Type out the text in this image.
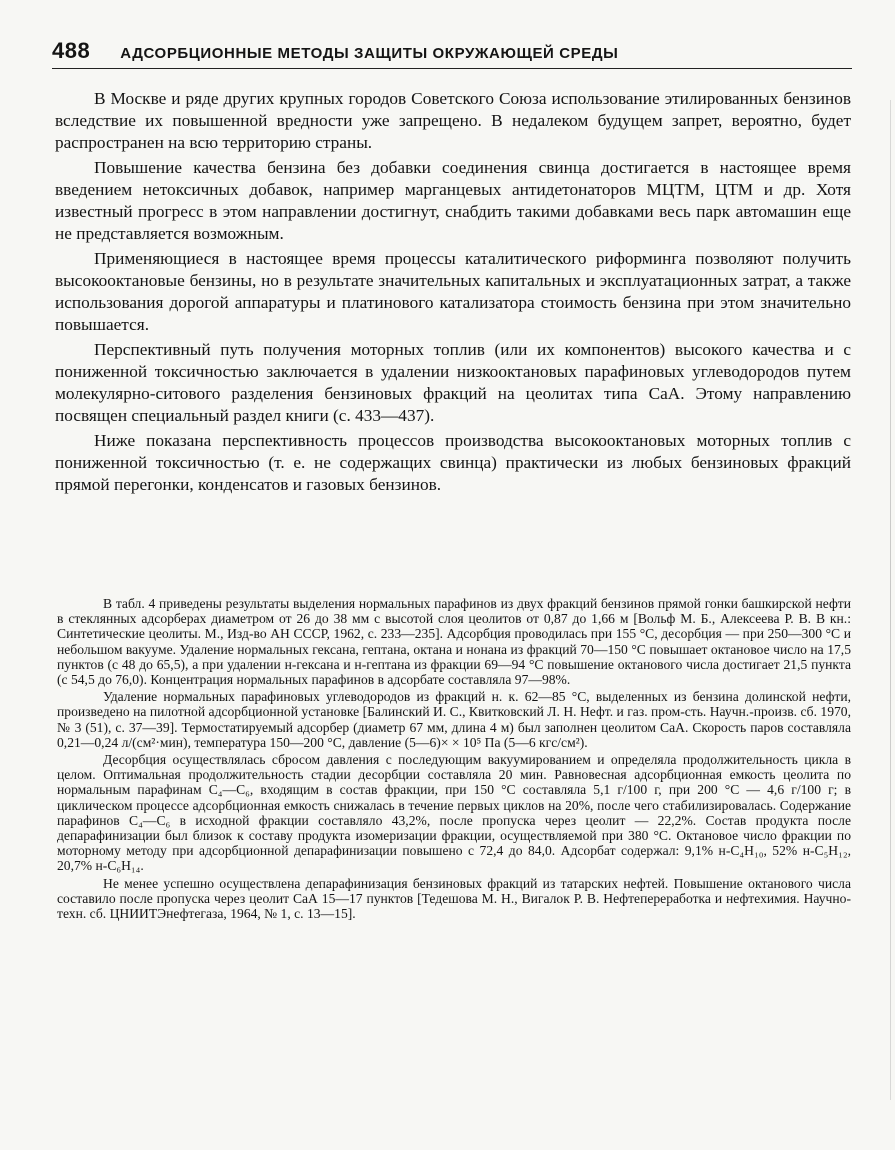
488 АДСОРБЦИОННЫЕ МЕТОДЫ ЗАЩИТЫ ОКРУЖАЮЩЕЙ СРЕДЫ

В Москве и ряде других крупных городов Советского Союза использование этилированных бензинов вследствие их повышенной вредности уже запрещено. В недалеком будущем запрет, вероятно, будет распространен на всю территорию страны.

Повышение качества бензина без добавки соединения свинца достигается в настоящее время введением нетоксичных добавок, например марганцевых антидетонаторов МЦТМ, ЦТМ и др. Хотя известный прогресс в этом направлении достигнут, снабдить такими добавками весь парк автомашин еще не представляется возможным.

Применяющиеся в настоящее время процессы каталитического риформинга позволяют получить высокооктановые бензины, но в результате значительных капитальных и эксплуатационных затрат, а также использования дорогой аппаратуры и платинового катализатора стоимость бензина при этом значительно повышается.

Перспективный путь получения моторных топлив (или их компонентов) высокого качества и с пониженной токсичностью заключается в удалении низкооктановых парафиновых углеводородов путем молекулярно-ситового разделения бензиновых фракций на цеолитах типа СаА. Этому направлению посвящен специальный раздел книги (с. 433—437).

Ниже показана перспективность процессов производства высокооктановых моторных топлив с пониженной токсичностью (т. е. не содержащих свинца) практически из любых бензиновых фракций прямой перегонки, конденсатов и газовых бензинов.

В табл. 4 приведены результаты выделения нормальных парафинов из двух фракций бензинов прямой гонки башкирской нефти в стеклянных адсорберах диаметром от 26 до 38 мм с высотой слоя цеолитов от 0,87 до 1,66 м [Вольф М. Б., Алексеева Р. В. В кн.: Синтетические цеолиты. М., Изд-во АН СССР, 1962, с. 233—235]. Адсорбция проводилась при 155 °С, десорбция — при 250—300 °С и небольшом вакууме. Удаление нормальных гексана, гептана, октана и нонана из фракций 70—150 °С повышает октановое число на 17,5 пунктов (с 48 до 65,5), а при удалении н-гексана и н-гептана из фракции 69—94 °С повышение октанового числа достигает 21,5 пункта (с 54,5 до 76,0). Концентрация нормальных парафинов в адсорбате составляла 97—98%.

Удаление нормальных парафиновых углеводородов из фракций н. к. 62—85 °С, выделенных из бензина долинской нефти, произведено на пилотной адсорбционной установке [Балинский И. С., Квитковский Л. Н. Нефт. и газ. пром-сть. Научн.-произв. сб. 1970, № 3 (51), с. 37—39]. Термостатируемый адсорбер (диаметр 67 мм, длина 4 м) был заполнен цеолитом СаА. Скорость паров составляла 0,21—0,24 л/(см²·мин), температура 150—200 °С, давление (5—6)× × 10⁵ Па (5—6 кгс/см²).

Десорбция осуществлялась сбросом давления с последующим вакуумированием и определяла продолжительность цикла в целом. Оптимальная продолжительность стадии десорбции составляла 20 мин. Равновесная адсорбционная емкость цеолита по нормальным парафинам С₄—С₆, входящим в состав фракции, при 150 °С составляла 5,1 г/100 г, при 200 °С — 4,6 г/100 г; в циклическом процессе адсорбционная емкость снижалась в течение первых циклов на 20%, после чего стабилизировалась. Содержание парафинов С₄—С₆ в исходной фракции составляло 43,2%, после пропуска через цеолит — 22,2%. Состав продукта после депарафинизации был близок к составу продукта изомеризации фракции, осуществляемой при 380 °С. Октановое число фракции по моторному методу при адсорбционной депарафинизации повышено с 72,4 до 84,0. Адсорбат содержал: 9,1% н-С₄Н₁₀, 52% н-С₅Н₁₂, 20,7% н-С₆Н₁₄.

Не менее успешно осуществлена депарафинизация бензиновых фракций из татарских нефтей. Повышение октанового числа составило после пропуска через цеолит СаА 15—17 пунктов [Тедешова М. Н., Вигалок Р. В. Нефтепереработка и нефтехимия. Научно-техн. сб. ЦНИИТЭнефтегаза, 1964, № 1, с. 13—15].
